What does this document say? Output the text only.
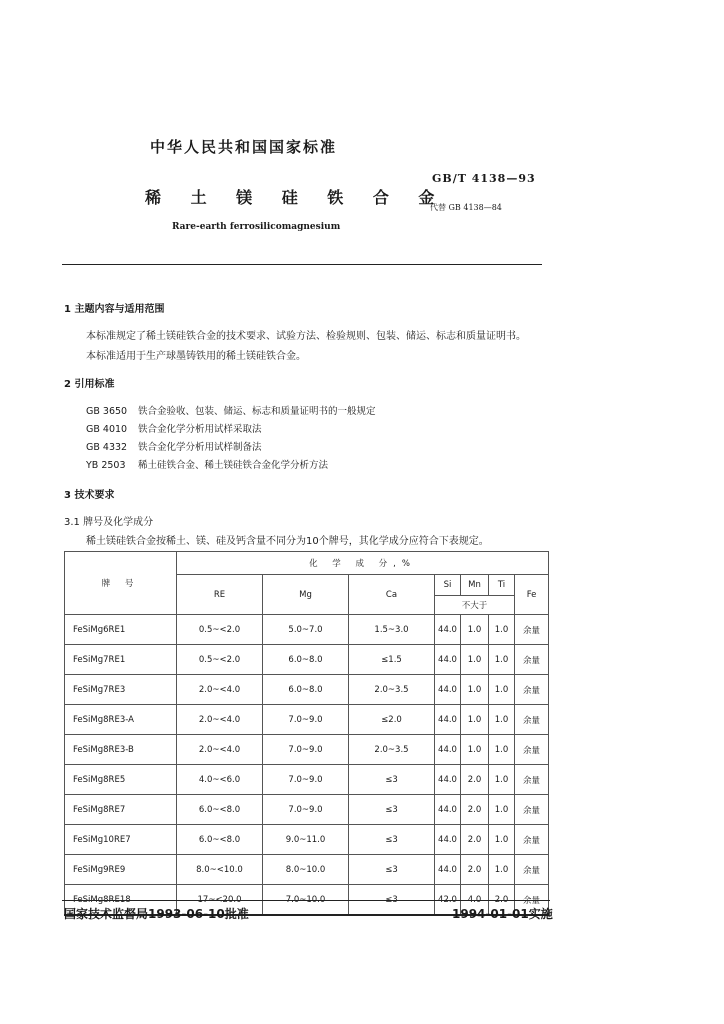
中华人民共和国国家标准
GB/T 4138—93
稀 土 镁 硅 铁 合 金
代替 GB 4138—84
Rare-earth ferrosilicomagnesium
1 主题内容与适用范围
本标准规定了稀土镁硅铁合金的技术要求、试验方法、检验规则、包装、储运、标志和质量证明书。
本标准适用于生产球墨铸铁用的稀土镁硅铁合金。
2 引用标准
GB 3650 铁合金验收、包装、储运、标志和质量证明书的一般规定
GB 4010 铁合金化学分析用试样采取法
GB 4332 铁合金化学分析用试样制备法
YB 2503 稀土硅铁合金、稀土镁硅铁合金化学分析方法
3 技术要求
3.1 牌号及化学成分
稀土镁硅铁合金按稀土、镁、硅及钙含量不同分为10个牌号，其化学成分应符合下表规定。
牌 号	化 学 成 分,%						
	RE	Mg	Ca	Si	Mn	Ti	Fe
				不大于			
FeSiMg6RE1	0.5~<2.0	5.0~7.0	1.5~3.0	44.0	1.0	1.0	余量
FeSiMg7RE1	0.5~<2.0	6.0~8.0	≤1.5	44.0	1.0	1.0	余量
FeSiMg7RE3	2.0~<4.0	6.0~8.0	2.0~3.5	44.0	1.0	1.0	余量
FeSiMg8RE3-A	2.0~<4.0	7.0~9.0	≤2.0	44.0	1.0	1.0	余量
FeSiMg8RE3-B	2.0~<4.0	7.0~9.0	2.0~3.5	44.0	1.0	1.0	余量
FeSiMg8RE5	4.0~<6.0	7.0~9.0	≤3	44.0	2.0	1.0	余量
FeSiMg8RE7	6.0~<8.0	7.0~9.0	≤3	44.0	2.0	1.0	余量
FeSiMg10RE7	6.0~<8.0	9.0~11.0	≤3	44.0	2.0	1.0	余量
FeSiMg9RE9	8.0~<10.0	8.0~10.0	≤3	44.0	2.0	1.0	余量
FeSiMg8RE18	17~<20.0	7.0~10.0	≤3	42.0	4.0	2.0	余量
国家技术监督局1993-06-10批准	1994-01-01实施
